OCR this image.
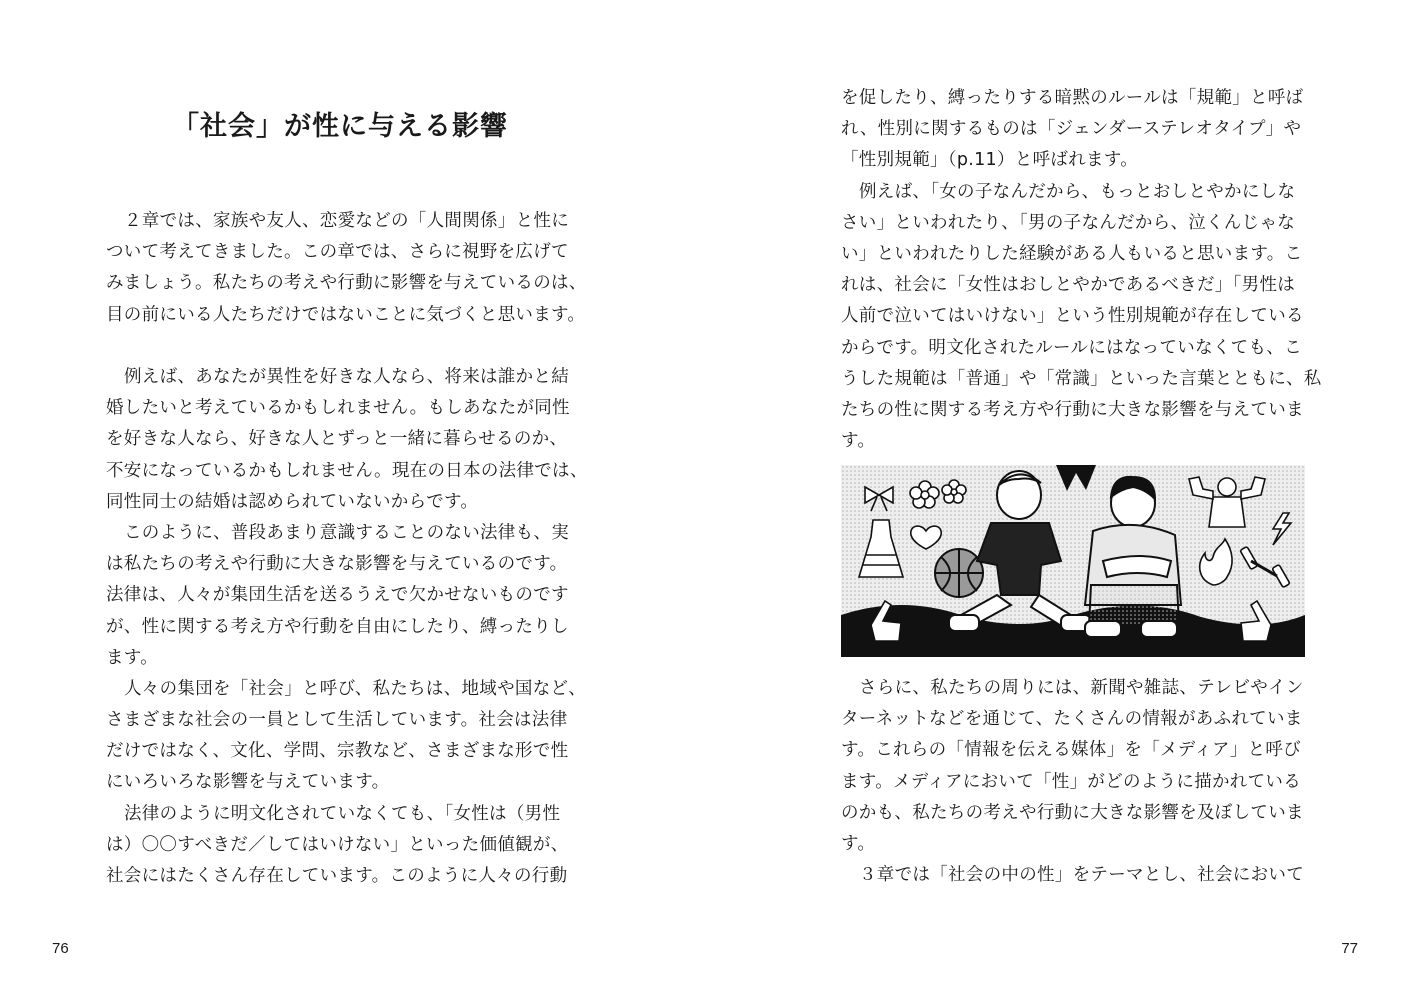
「社会」が性に与える影響
２章では、家族や友人、恋愛などの「人間関係」と性に
ついて考えてきました。この章では、さらに視野を広げて
みましょう。私たちの考えや行動に影響を与えているのは、
目の前にいる人たちだけではないことに気づくと思います。
例えば、あなたが異性を好きな人なら、将来は誰かと結
婚したいと考えているかもしれません。もしあなたが同性
を好きな人なら、好きな人とずっと一緒に暮らせるのか、
不安になっているかもしれません。現在の日本の法律では、
同性同士の結婚は認められていないからです。
このように、普段あまり意識することのない法律も、実
は私たちの考えや行動に大きな影響を与えているのです。
法律は、人々が集団生活を送るうえで欠かせないものです
が、性に関する考え方や行動を自由にしたり、縛ったりし
ます。
人々の集団を「社会」と呼び、私たちは、地域や国など、
さまざまな社会の一員として生活しています。社会は法律
だけではなく、文化、学問、宗教など、さまざまな形で性
にいろいろな影響を与えています。
法律のように明文化されていなくても、「女性は（男性
は）〇〇すべきだ／してはいけない」といった価値観が、
社会にはたくさん存在しています。このように人々の行動
76
を促したり、縛ったりする暗黙のルールは「規範」と呼ば
れ、性別に関するものは「ジェンダーステレオタイプ」や
「性別規範」（p.11）と呼ばれます。
例えば、「女の子なんだから、もっとおしとやかにしな
さい」といわれたり、「男の子なんだから、泣くんじゃな
い」といわれたりした経験がある人もいると思います。こ
れは、社会に「女性はおしとやかであるべきだ」「男性は
人前で泣いてはいけない」という性別規範が存在している
からです。明文化されたルールにはなっていなくても、こ
うした規範は「普通」や「常識」といった言葉とともに、私
たちの性に関する考え方や行動に大きな影響を与えていま
す。
さらに、私たちの周りには、新聞や雑誌、テレビやイン
ターネットなどを通じて、たくさんの情報があふれていま
す。これらの「情報を伝える媒体」を「メディア」と呼び
ます。メディアにおいて「性」がどのように描かれている
のかも、私たちの考えや行動に大きな影響を及ぼしていま
す。
３章では「社会の中の性」をテーマとし、社会において
77
